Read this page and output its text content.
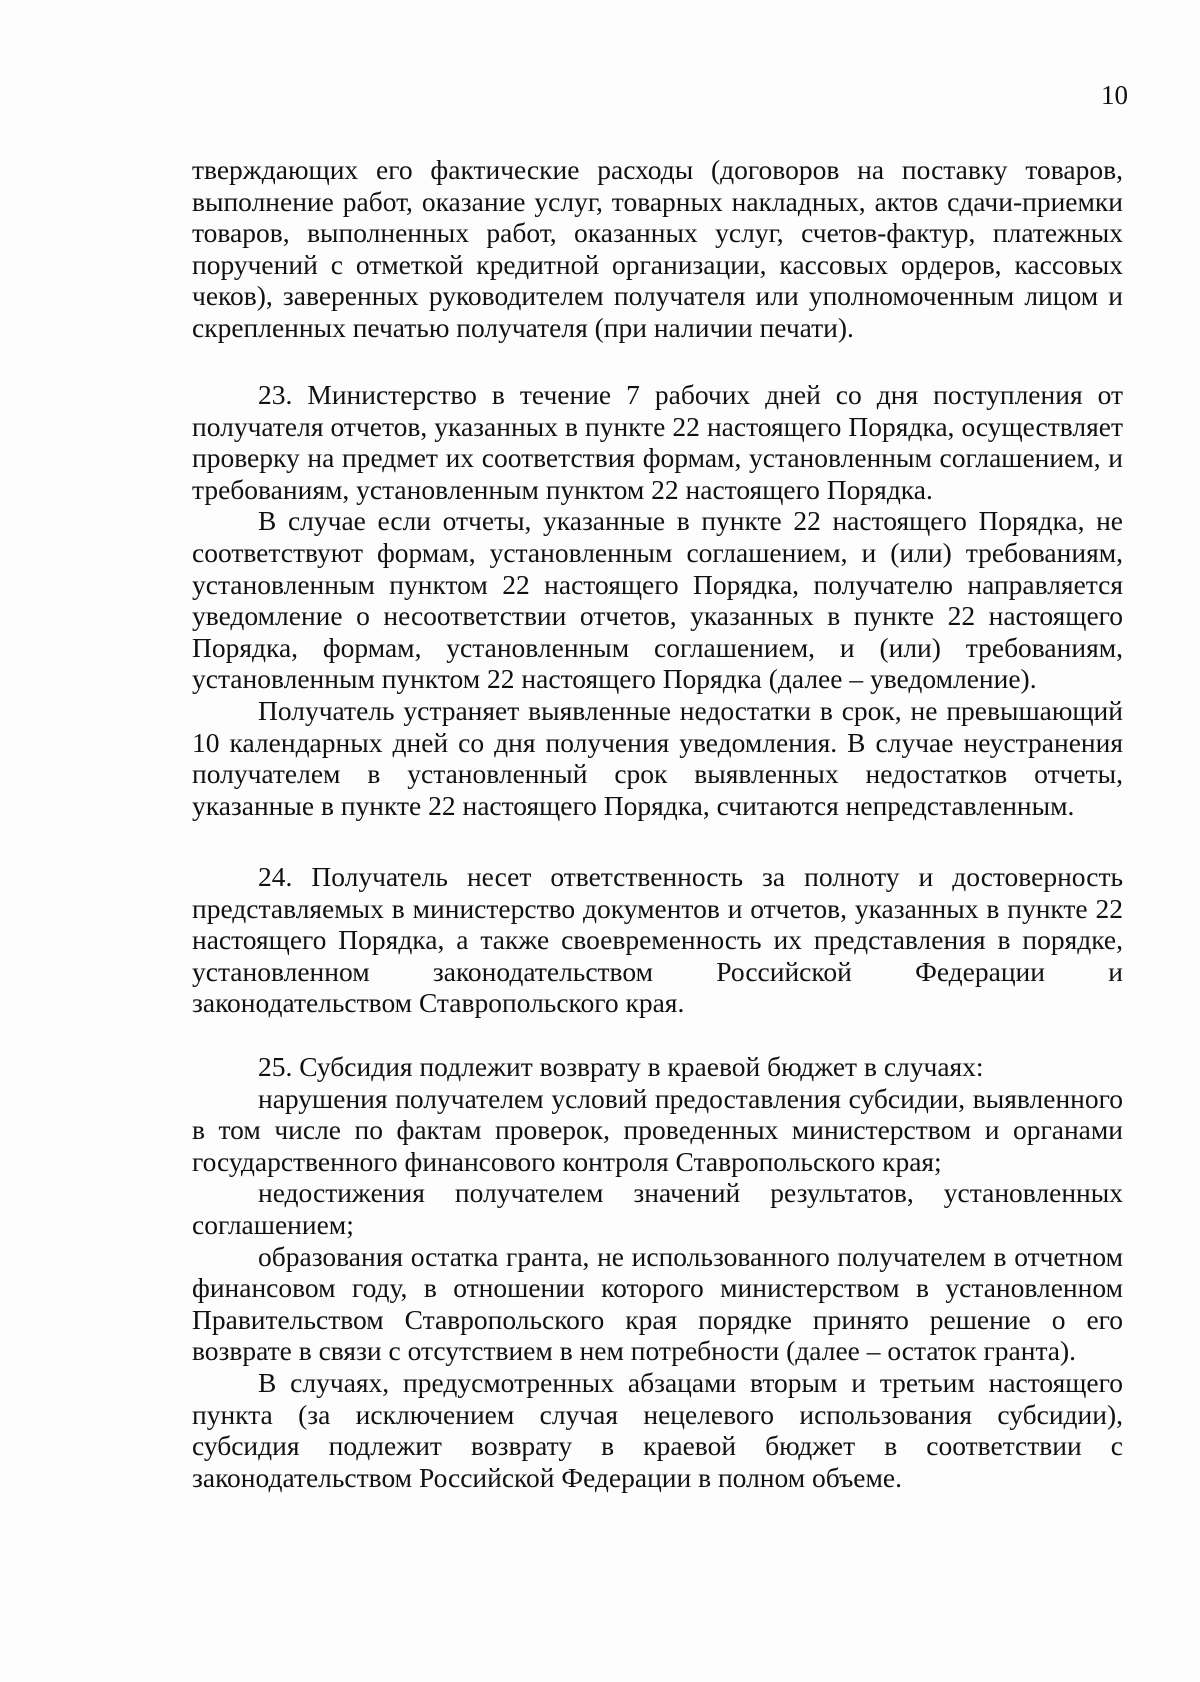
10

тверждающих его фактические расходы (договоров на поставку товаров, выполнение работ, оказание услуг, товарных накладных, актов сдачи-приемки товаров, выполненных работ, оказанных услуг, счетов-фактур, платежных поручений с отметкой кредитной организации, кассовых ордеров, кассовых чеков), заверенных руководителем получателя или уполномоченным лицом и скрепленных печатью получателя (при наличии печати).

23. Министерство в течение 7 рабочих дней со дня поступления от получателя отчетов, указанных в пункте 22 настоящего Порядка, осуществляет проверку на предмет их соответствия формам, установленным соглашением, и требованиям, установленным пунктом 22 настоящего Порядка.

В случае если отчеты, указанные в пункте 22 настоящего Порядка, не соответствуют формам, установленным соглашением, и (или) требованиям, установленным пунктом 22 настоящего Порядка, получателю направляется уведомление о несоответствии отчетов, указанных в пункте 22 настоящего Порядка, формам, установленным соглашением, и (или) требованиям, установленным пунктом 22 настоящего Порядка (далее – уведомление).

Получатель устраняет выявленные недостатки в срок, не превышающий 10 календарных дней со дня получения уведомления. В случае неустранения получателем в установленный срок выявленных недостатков отчеты, указанные в пункте 22 настоящего Порядка, считаются непредставленным.

24. Получатель несет ответственность за полноту и достоверность представляемых в министерство документов и отчетов, указанных в пункте 22 настоящего Порядка, а также своевременность их представления в порядке, установленном законодательством Российской Федерации и законодательством Ставропольского края.

25. Субсидия подлежит возврату в краевой бюджет в случаях:

нарушения получателем условий предоставления субсидии, выявленного в том числе по фактам проверок, проведенных министерством и органами государственного финансового контроля Ставропольского края;

недостижения получателем значений результатов, установленных соглашением;

образования остатка гранта, не использованного получателем в отчетном финансовом году, в отношении которого министерством в установленном Правительством Ставропольского края порядке принято решение о его возврате в связи с отсутствием в нем потребности (далее – остаток гранта).

В случаях, предусмотренных абзацами вторым и третьим настоящего пункта (за исключением случая нецелевого использования субсидии), субсидия подлежит возврату в краевой бюджет в соответствии с законодательством Российской Федерации в полном объеме.
